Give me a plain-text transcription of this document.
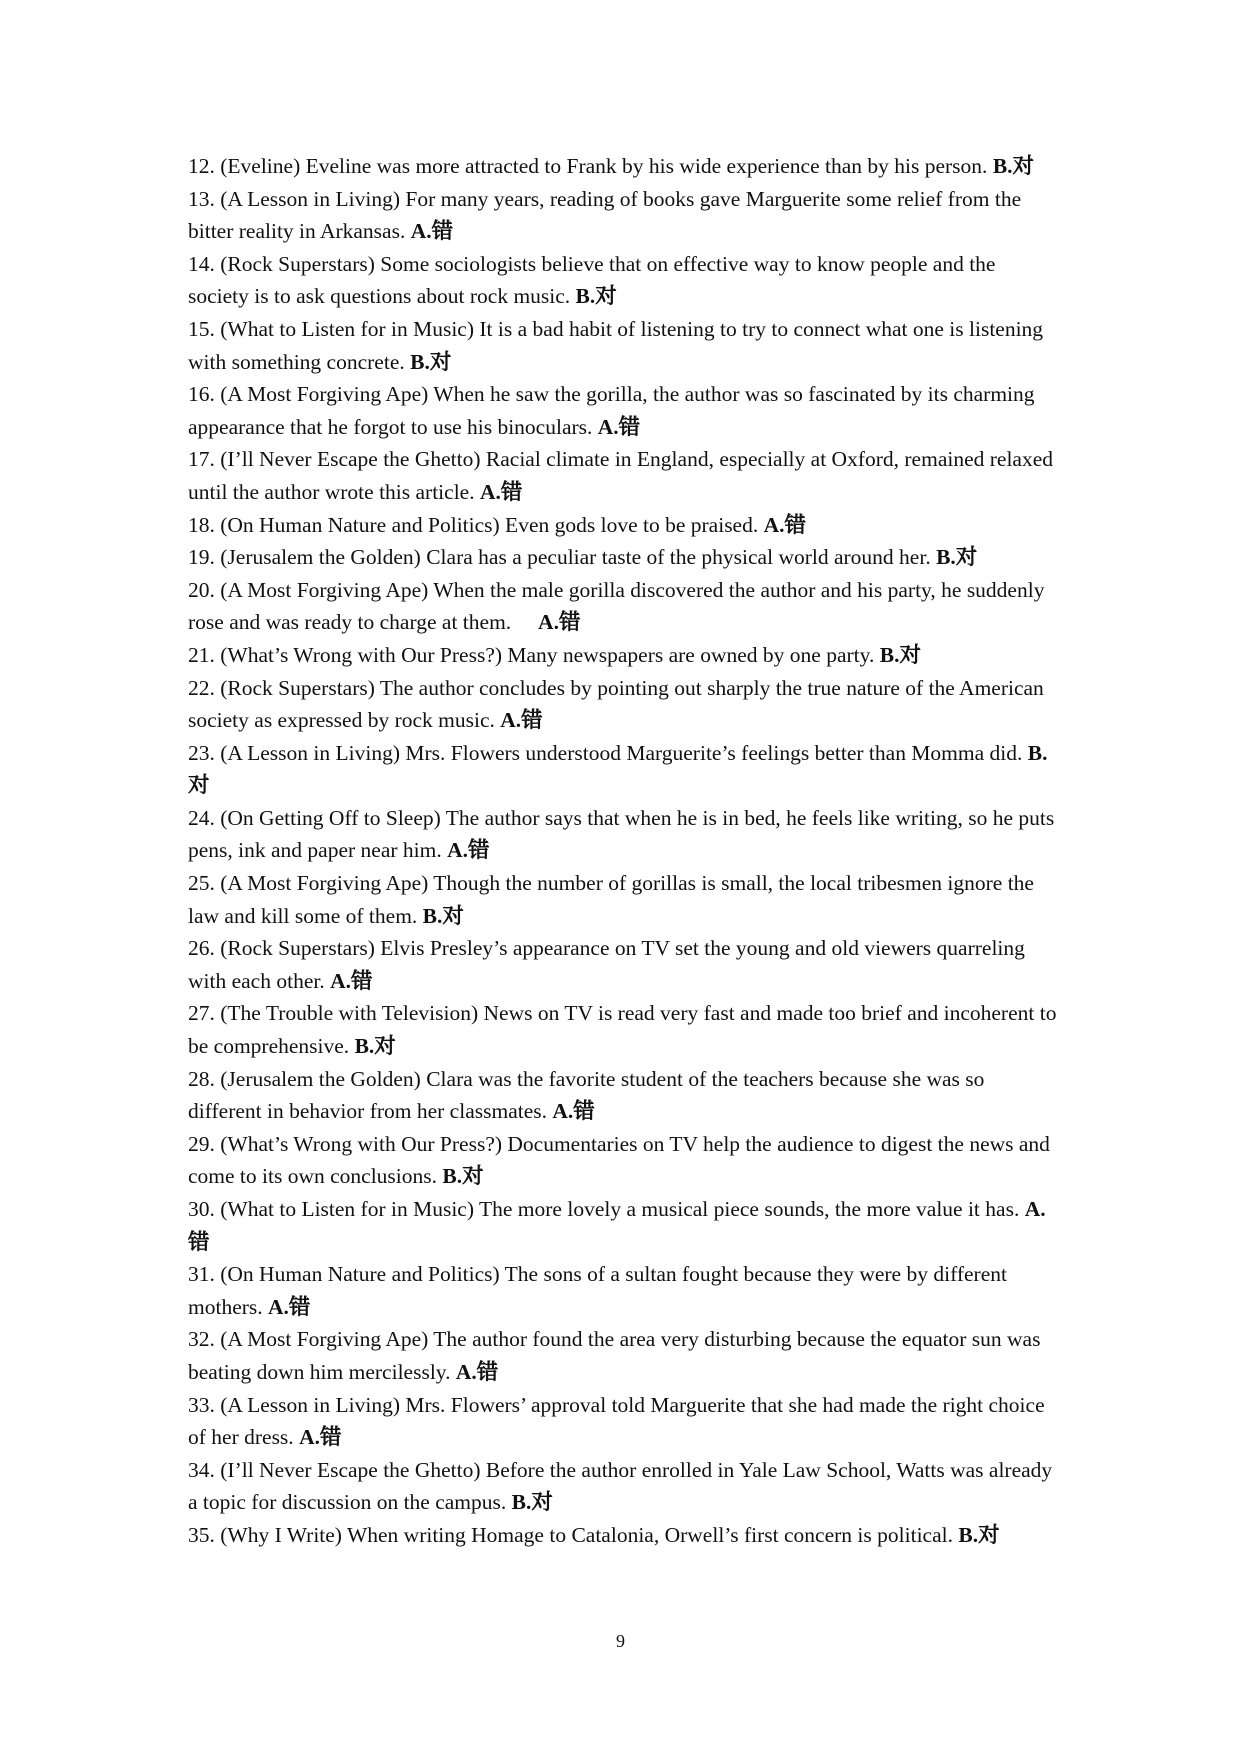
12. (Eveline) Eveline was more attracted to Frank by his wide experience than by his person. B.对

13. (A Lesson in Living) For many years, reading of books gave Marguerite some relief from the bitter reality in Arkansas. A.错

14. (Rock Superstars) Some sociologists believe that on effective way to know people and the society is to ask questions about rock music. B.对

15. (What to Listen for in Music) It is a bad habit of listening to try to connect what one is listening with something concrete. B.对

16. (A Most Forgiving Ape) When he saw the gorilla, the author was so fascinated by its charming appearance that he forgot to use his binoculars. A.错

17. (I’ll Never Escape the Ghetto) Racial climate in England, especially at Oxford, remained relaxed until the author wrote this article. A.错

18. (On Human Nature and Politics) Even gods love to be praised. A.错

19. (Jerusalem the Golden) Clara has a peculiar taste of the physical world around her. B.对

20. (A Most Forgiving Ape) When the male gorilla discovered the author and his party, he suddenly rose and was ready to charge at them.     A.错

21. (What’s Wrong with Our Press?) Many newspapers are owned by one party. B.对

22. (Rock Superstars) The author concludes by pointing out sharply the true nature of the American society as expressed by rock music. A.错

23. (A Lesson in Living) Mrs. Flowers understood Marguerite’s feelings better than Momma did. B.对

24. (On Getting Off to Sleep) The author says that when he is in bed, he feels like writing, so he puts pens, ink and paper near him. A.错

25. (A Most Forgiving Ape) Though the number of gorillas is small, the local tribesmen ignore the law and kill some of them. B.对

26. (Rock Superstars) Elvis Presley’s appearance on TV set the young and old viewers quarreling with each other. A.错

27. (The Trouble with Television) News on TV is read very fast and made too brief and incoherent to be comprehensive. B.对

28. (Jerusalem the Golden) Clara was the favorite student of the teachers because she was so different in behavior from her classmates. A.错

29. (What’s Wrong with Our Press?) Documentaries on TV help the audience to digest the news and come to its own conclusions. B.对

30. (What to Listen for in Music) The more lovely a musical piece sounds, the more value it has. A.错

31. (On Human Nature and Politics) The sons of a sultan fought because they were by different mothers. A.错

32. (A Most Forgiving Ape) The author found the area very disturbing because the equator sun was beating down him mercilessly. A.错

33. (A Lesson in Living) Mrs. Flowers’ approval told Marguerite that she had made the right choice of her dress. A.错

34. (I’ll Never Escape the Ghetto) Before the author enrolled in Yale Law School, Watts was already a topic for discussion on the campus. B.对

35. (Why I Write) When writing Homage to Catalonia, Orwell’s first concern is political. B.对

9
